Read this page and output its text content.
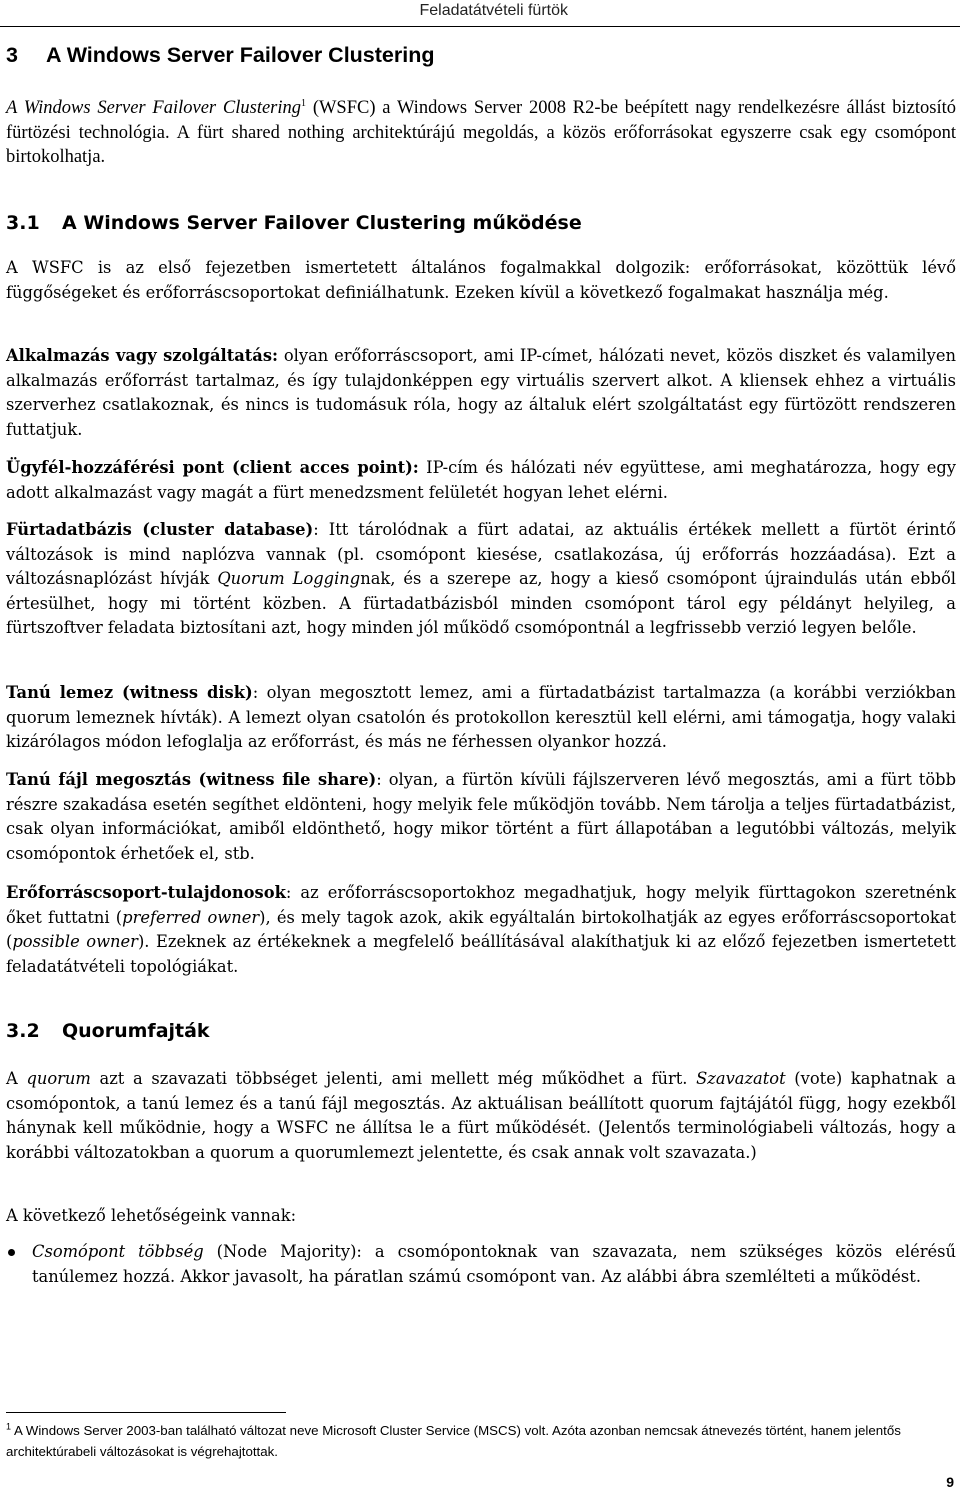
Feladatátvételi fürtök
3 A Windows Server Failover Clustering

A Windows Server Failover Clustering$^1$ (WSFC) a Windows Server 2008 R2-be beépített nagy rendelkezésre állást biztosító fürtözési technológia. A fürt shared nothing architektúrájú megoldás, a közös erőforrásokat egyszerre csak egy csomópont birtokolhatja.

3.1 A Windows Server Failover Clustering működése

A WSFC is az első fejezetben ismertetett általános fogalmakkal dolgozik: erőforrásokat, közöttük lévő függőségeket és erőforráscsoportokat definiálhatunk. Ezeken kívül a következő fogalmakat használja még.

Alkalmazás vagy szolgáltatás: olyan erőforráscsoport, ami IP-címet, hálózati nevet, közös diszket és valamilyen alkalmazás erőforrást tartalmaz, és így tulajdonképpen egy virtuális szervert alkot. A kliensek ehhez a virtuális szerverhez csatlakoznak, és nincs is tudomásuk róla, hogy az általuk elért szolgáltatást egy fürtözött rendszeren futtatjuk.

Ügyfél-hozzáférési pont (client acces point): IP-cím és hálózati név együttese, ami meghatározza, hogy egy adott alkalmazást vagy magát a fürt menedzsment felületét hogyan lehet elérni.

Fürtadatbázis (cluster database): Itt tárolódnak a fürt adatai, az aktuális értékek mellett a fürtöt érintő változások is mind naplózva vannak (pl. csomópont kiesése, csatlakozása, új erőforrás hozzáadása). Ezt a változásnaplózást hívják Quorum Loggingnak, és a szerepe az, hogy a kieső csomópont újraindulás után ebből értesülhet, hogy mi történt közben. A fürtadatbázisból minden csomópont tárol egy példányt helyileg, a fürtszoftver feladata biztosítani azt, hogy minden jól működő csomópontnál a legfrissebb verzió legyen belőle.

Tanú lemez (witness disk): olyan megosztott lemez, ami a fürtadatbázist tartalmazza (a korábbi verziókban quorum lemeznek hívták). A lemezt olyan csatolón és protokollon keresztül kell elérni, ami támogatja, hogy valaki kizárólagos módon lefoglalja az erőforrást, és más ne férhessen olyankor hozzá.

Tanú fájl megosztás (witness file share): olyan, a fürtön kívüli fájlszerveren lévő megosztás, ami a fürt több részre szakadása esetén segíthet eldönteni, hogy melyik fele működjön tovább. Nem tárolja a teljes fürtadatbázist, csak olyan információkat, amiből eldönthető, hogy mikor történt a fürt állapotában a legutóbbi változás, melyik csomópontok érhetőek el, stb.

Erőforráscsoport-tulajdonosok: az erőforráscsoportokhoz megadhatjuk, hogy melyik fürttagokon szeretnénk őket futtatni (preferred owner), és mely tagok azok, akik egyáltalán birtokolhatják az egyes erőforráscsoportokat (possible owner). Ezeknek az értékeknek a megfelelő beállításával alakíthatjuk ki az előző fejezetben ismertetett feladatátvételi topológiákat.

3.2 Quorumfajták

A quorum azt a szavazati többséget jelenti, ami mellett még működhet a fürt. Szavazatot (vote) kaphatnak a csomópontok, a tanú lemez és a tanú fájl megosztás. Az aktuálisan beállított quorum fajtájától függ, hogy ezekből hánynak kell működnie, hogy a WSFC ne állítsa le a fürt működését. (Jelentős terminológiabeli változás, hogy a korábbi változatokban a quorum a quorumlemezt jelentette, és csak annak volt szavazata.)

A következő lehetőségeink vannak:

Csomópont többség (Node Majority): a csomópontoknak van szavazata, nem szükséges közös elérésű tanúlemez hozzá. Akkor javasolt, ha páratlan számú csomópont van. Az alábbi ábra szemlélteti a működést.

$^1$ A Windows Server 2003-ban található változat neve Microsoft Cluster Service (MSCS) volt. Azóta azonban nemcsak átnevezés történt, hanem jelentős architektúrabeli változásokat is végrehajtottak.

9
